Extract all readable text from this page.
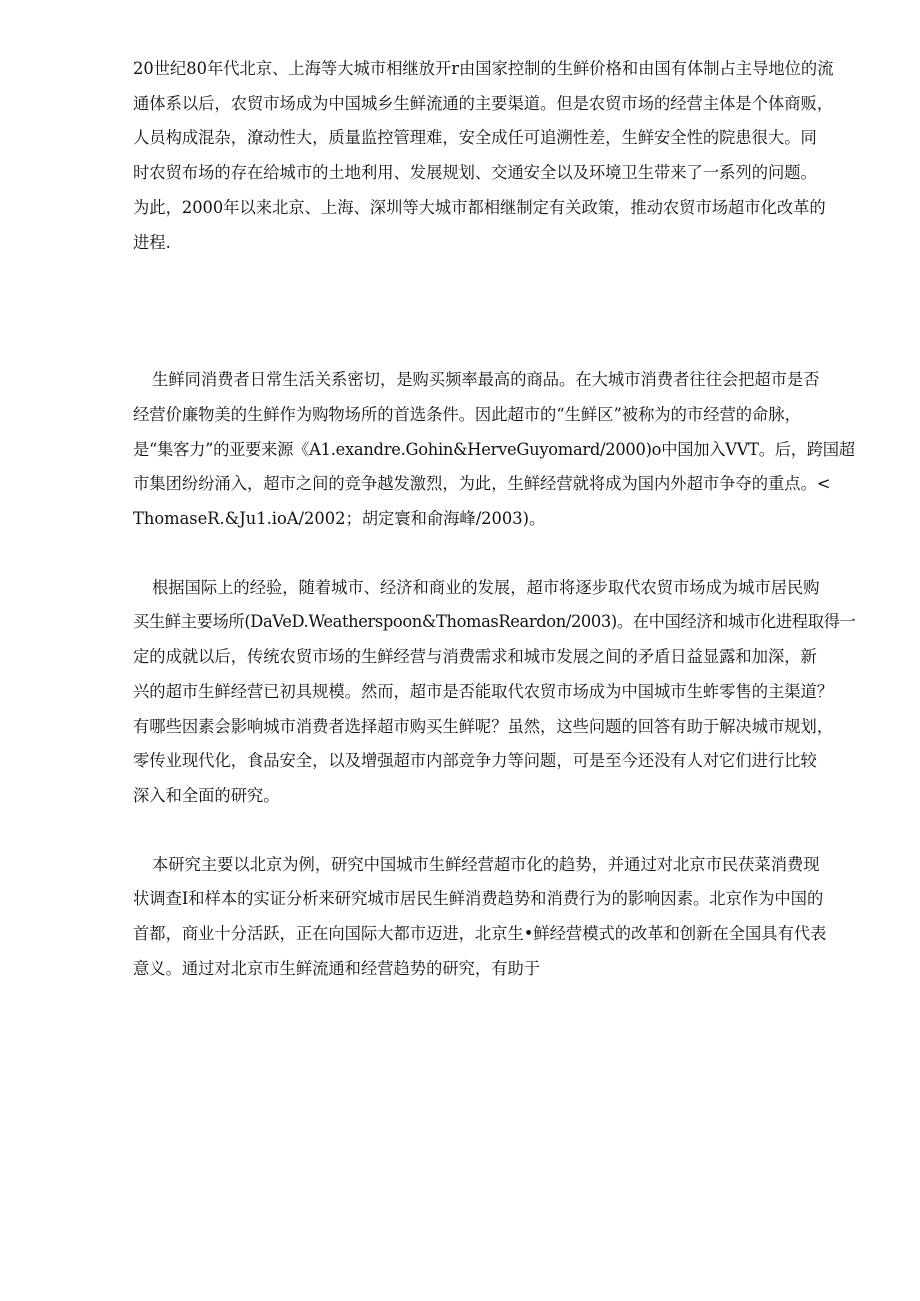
20世纪80年代北京、上海等大城市相继放开r由国家控制的生鲜价格和由国有体制占主导地位的流
通体系以后，农贸市场成为中国城乡生鲜流通的主要渠道。但是农贸市场的经营主体是个体商贩，
人员构成混杂，潦动性大，质量监控管理难，安全成任可追溯性差，生鲜安全性的院患很大。同
时农贸布场的存在给城市的土地利用、发展规划、交通安全以及环境卫生带来了一系列的问题。
为此，2000年以来北京、上海、深圳等大城市都相继制定有关政策，推动农贸市场超市化改革的
进程.

生鲜同消费者日常生活关系密切，是购买频率最高的商品。在大城市消费者往往会把超市是否
经营价廉物美的生鲜作为购物场所的首选条件。因此超市的“生鲜区”被称为的市经营的命脉，
是“集客力”的亚要来源《A1.exandre.Gohin&HerveGuyomard/2000)o中国加入VVT。后，跨国超
市集团纷纷涌入，超市之间的竞争越发激烈，为此，生鲜经营就将成为国内外超市争夺的重点。<
ThomaseR.&Ju1.ioA/2002；胡定寰和俞海峰/2003)。

根据国际上的经验，随着城市、经济和商业的发展，超市将逐步取代农贸市场成为城市居民购
买生鲜主要场所(DaVeD.Weatherspoon&ThomasReardon/2003)。在中国经济和城市化进程取得一
定的成就以后，传统农贸市场的生鲜经营与消费需求和城市发展之间的矛盾日益显露和加深，新
兴的超市生鲜经营已初具规模。然而，超市是否能取代农贸市场成为中国城市生蚱零售的主渠道？
有哪些因素会影响城市消费者选择超市购买生鲜呢？虽然，这些问题的回答有助于解决城市规划，
零传业现代化，食品安全，以及增强超市内部竞争力等问题，可是至今还没有人对它们进行比较
深入和全面的研究。

本研究主要以北京为例，研究中国城市生鲜经营超市化的趋势，并通过对北京市民茯菜消费现
状调查I和样本的实证分析来研究城市居民生鲜消费趋势和消费行为的影响因素。北京作为中国的
首都，商业十分活跃，正在向国际大都市迈进，北京生•鲜经营模式的改革和创新在全国具有代表
意义。通过对北京市生鲜流通和经营趋势的研究，有助于
